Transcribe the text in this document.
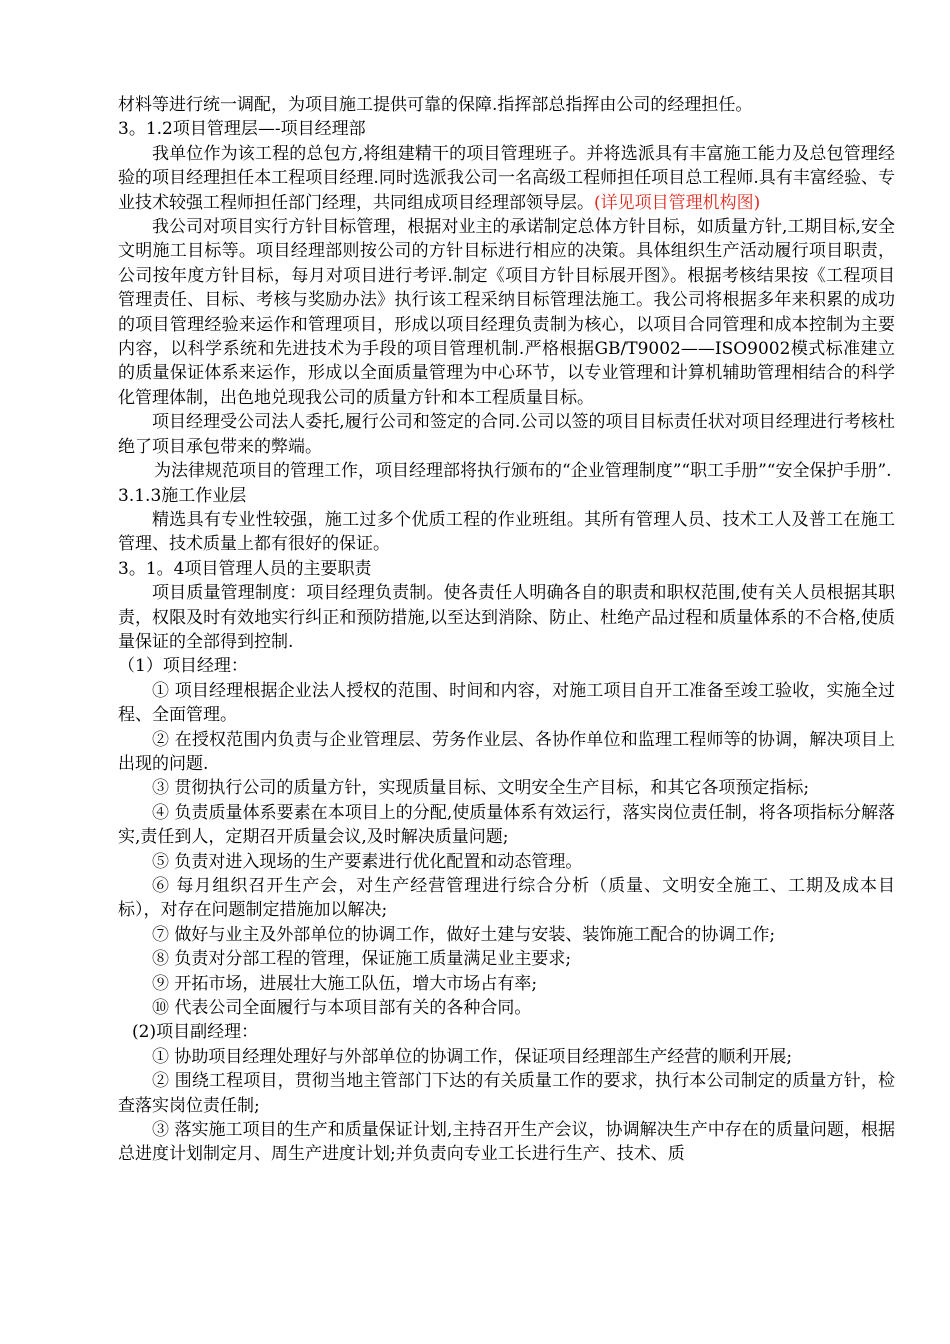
材料等进行统一调配，为项目施工提供可靠的保障.指挥部总指挥由公司的经理担任。

3。1.2项目管理层—-项目经理部

我单位作为该工程的总包方,将组建精干的项目管理班子。并将选派具有丰富施工能力及总包管理经验的项目经理担任本工程项目经理.同时选派我公司一名高级工程师担任项目总工程师.具有丰富经验、专业技术较强工程师担任部门经理，共同组成项目经理部领导层。(详见项目管理机构图)

我公司对项目实行方针目标管理，根据对业主的承诺制定总体方针目标，如质量方针,工期目标,安全文明施工目标等。项目经理部则按公司的方针目标进行相应的决策。具体组织生产活动履行项目职责，公司按年度方针目标，每月对项目进行考评.制定《项目方针目标展开图》。根据考核结果按《工程项目管理责任、目标、考核与奖励办法》执行该工程采纳目标管理法施工。我公司将根据多年来积累的成功的项目管理经验来运作和管理项目，形成以项目经理负责制为核心，以项目合同管理和成本控制为主要内容，以科学系统和先进技术为手段的项目管理机制.严格根据GB/T9002——ISO9002模式标准建立的质量保证体系来运作，形成以全面质量管理为中心环节，以专业管理和计算机辅助管理相结合的科学化管理体制，出色地兑现我公司的质量方针和本工程质量目标。

项目经理受公司法人委托,履行公司和签定的合同.公司以签的项目目标责任状对项目经理进行考核杜绝了项目承包带来的弊端。

为法律规范项目的管理工作，项目经理部将执行颁布的“企业管理制度”“职工手册”“安全保护手册”.

3.1.3施工作业层

精选具有专业性较强，施工过多个优质工程的作业班组。其所有管理人员、技术工人及普工在施工管理、技术质量上都有很好的保证。

3。1。4项目管理人员的主要职责

项目质量管理制度：项目经理负责制。使各责任人明确各自的职责和职权范围,使有关人员根据其职责，权限及时有效地实行纠正和预防措施,以至达到消除、防止、杜绝产品过程和质量体系的不合格,使质量保证的全部得到控制.

（1）项目经理：

① 项目经理根据企业法人授权的范围、时间和内容，对施工项目自开工准备至竣工验收，实施全过程、全面管理。

② 在授权范围内负责与企业管理层、劳务作业层、各协作单位和监理工程师等的协调，解决项目上出现的问题.

③ 贯彻执行公司的质量方针，实现质量目标、文明安全生产目标，和其它各项预定指标;

④ 负责质量体系要素在本项目上的分配,使质量体系有效运行，落实岗位责任制，将各项指标分解落实,责任到人，定期召开质量会议,及时解决质量问题;

⑤ 负责对进入现场的生产要素进行优化配置和动态管理。

⑥ 每月组织召开生产会，对生产经营管理进行综合分析（质量、文明安全施工、工期及成本目标），对存在问题制定措施加以解决;

⑦ 做好与业主及外部单位的协调工作，做好土建与安装、装饰施工配合的协调工作;

⑧ 负责对分部工程的管理，保证施工质量满足业主要求;

⑨ 开拓市场，进展壮大施工队伍，增大市场占有率;

⑩ 代表公司全面履行与本项目部有关的各种合同。

(2)项目副经理：

① 协助项目经理处理好与外部单位的协调工作，保证项目经理部生产经营的顺利开展;

② 围绕工程项目，贯彻当地主管部门下达的有关质量工作的要求，执行本公司制定的质量方针，检查落实岗位责任制;

③ 落实施工项目的生产和质量保证计划,主持召开生产会议，协调解决生产中存在的质量问题，根据总进度计划制定月、周生产进度计划;并负责向专业工长进行生产、技术、质
